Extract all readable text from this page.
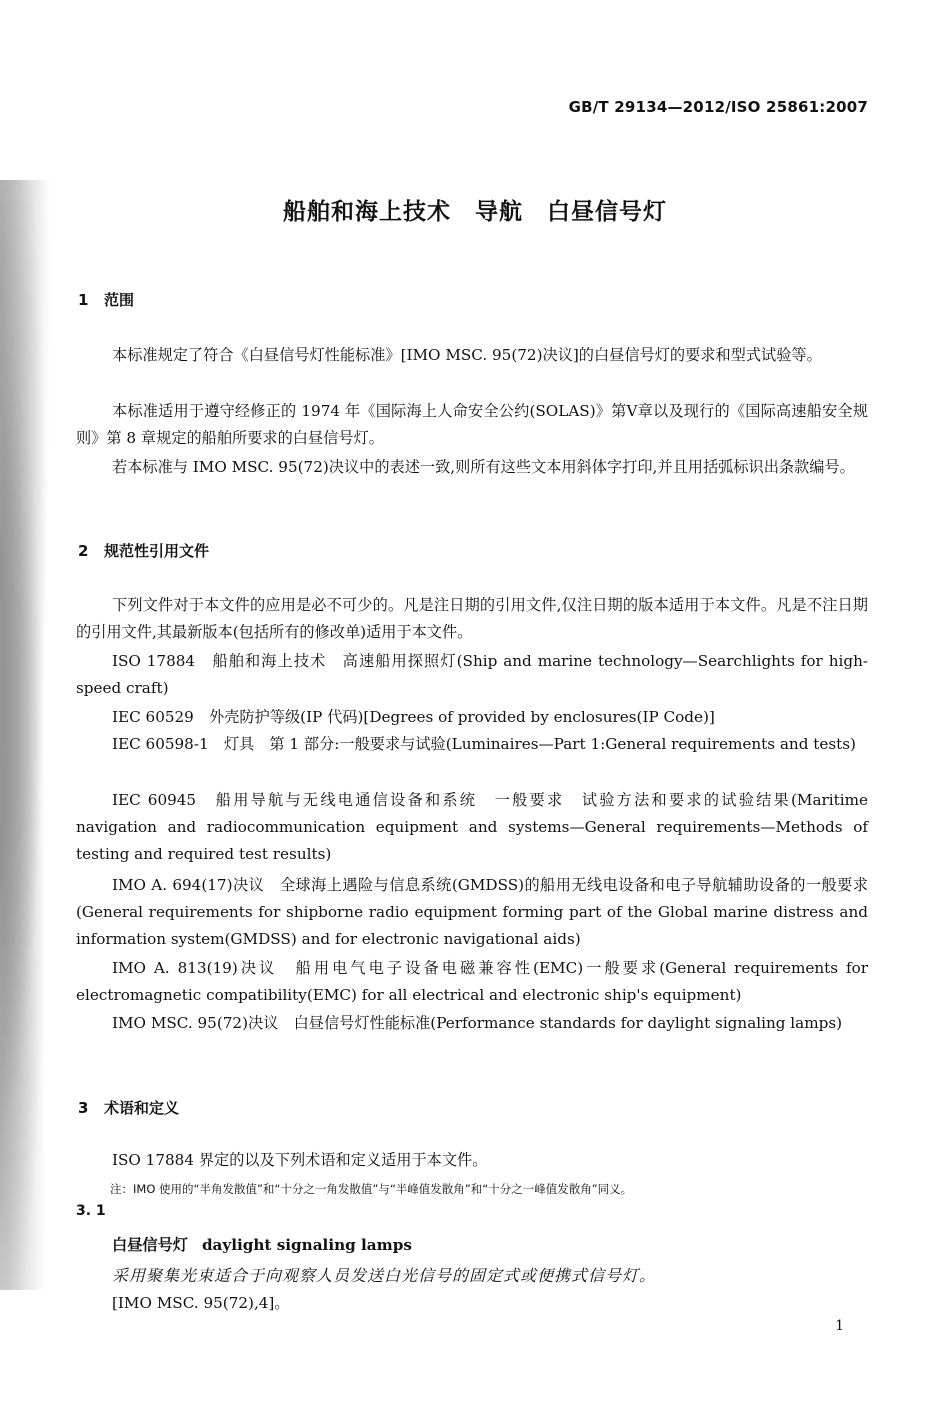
GB/T 29134—2012/ISO 25861:2007
船舶和海上技术　导航　白昼信号灯
1 范围
本标准规定了符合《白昼信号灯性能标准》[IMO MSC. 95(72)决议]的白昼信号灯的要求和型式试验等。
本标准适用于遵守经修正的 1974 年《国际海上人命安全公约(SOLAS)》第Ⅴ章以及现行的《国际高速船安全规则》第 8 章规定的船舶所要求的白昼信号灯。
若本标准与 IMO MSC. 95(72)决议中的表述一致,则所有这些文本用斜体字打印,并且用括弧标识出条款编号。
2 规范性引用文件
下列文件对于本文件的应用是必不可少的。凡是注日期的引用文件,仅注日期的版本适用于本文件。凡是不注日期的引用文件,其最新版本(包括所有的修改单)适用于本文件。
ISO 17884　船舶和海上技术　高速船用探照灯(Ship and marine technology—Searchlights for high-speed craft)
IEC 60529　外壳防护等级(IP 代码)[Degrees of provided by enclosures(IP Code)]
IEC 60598-1　灯具　第 1 部分:一般要求与试验(Luminaires—Part 1:General requirements and tests)
IEC 60945　船用导航与无线电通信设备和系统　一般要求　试验方法和要求的试验结果(Maritime navigation and radiocommunication equipment and systems—General requirements—Methods of testing and required test results)
IMO A. 694(17)决议　全球海上遇险与信息系统(GMDSS)的船用无线电设备和电子导航辅助设备的一般要求(General requirements for shipborne radio equipment forming part of the Global marine distress and information system(GMDSS) and for electronic navigational aids)
IMO A. 813(19)决议　船用电气电子设备电磁兼容性(EMC)一般要求(General requirements for electromagnetic compatibility(EMC) for all electrical and electronic ship's equipment)
IMO MSC. 95(72)决议　白昼信号灯性能标准(Performance standards for daylight signaling lamps)
3 术语和定义
ISO 17884 界定的以及下列术语和定义适用于本文件。
注：IMO 使用的“半角发散值”和“十分之一角发散值”与“半峰值发散角”和“十分之一峰值发散角”同义。
3. 1
白昼信号灯 daylight signaling lamps
采用聚集光束适合于向观察人员发送白光信号的固定式或便携式信号灯。
[IMO MSC. 95(72),4]。
1
